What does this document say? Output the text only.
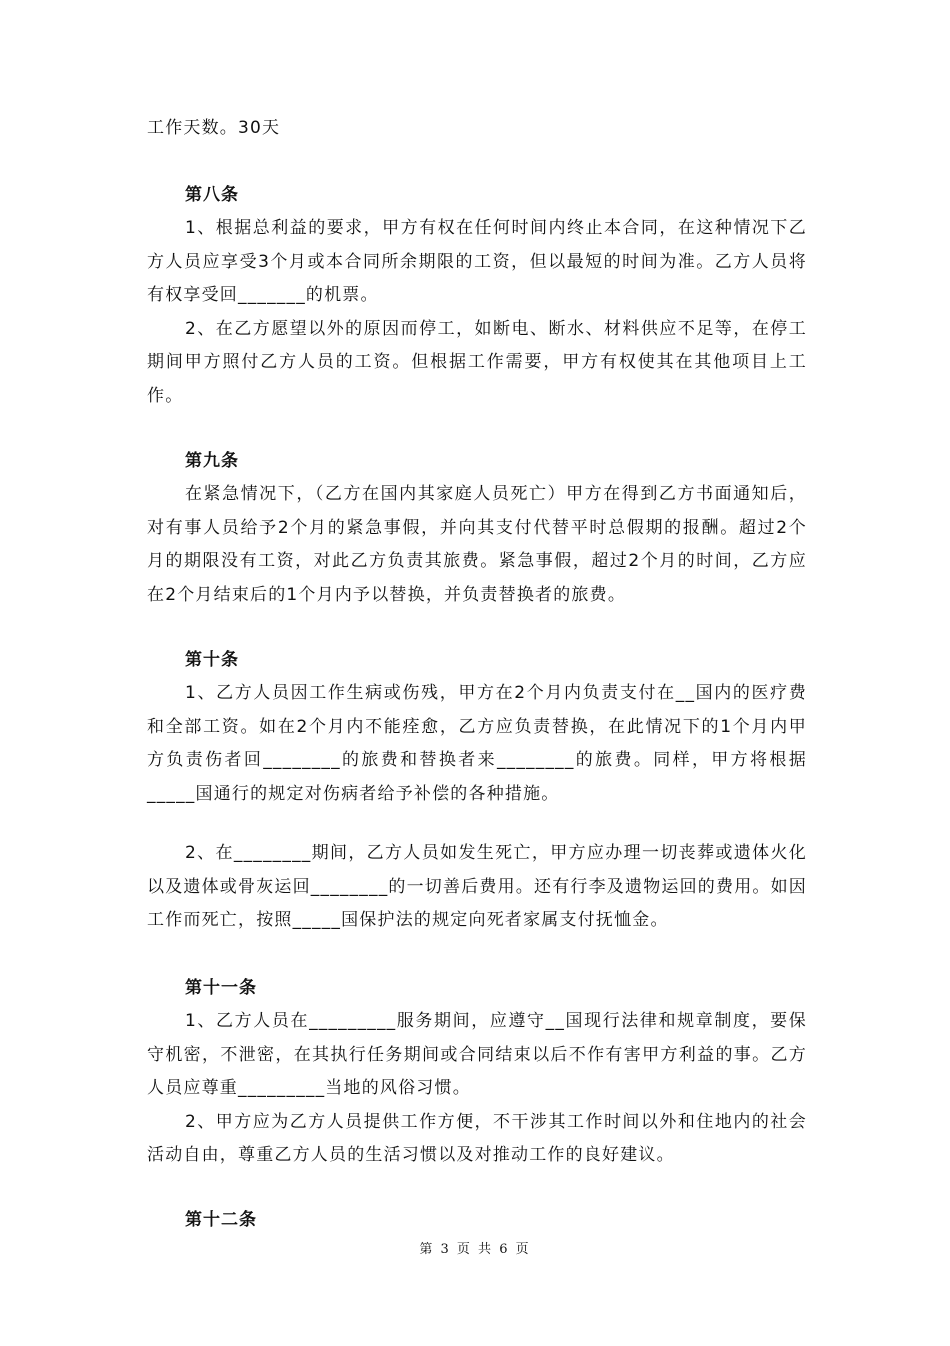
工作天数。30天

第八条

1、根据总利益的要求，甲方有权在任何时间内终止本合同，在这种情况下乙方人员应享受3个月或本合同所余期限的工资，但以最短的时间为准。乙方人员将有权享受回_______的机票。

2、在乙方愿望以外的原因而停工，如断电、断水、材料供应不足等，在停工期间甲方照付乙方人员的工资。但根据工作需要，甲方有权使其在其他项目上工作。

第九条

在紧急情况下，（乙方在国内其家庭人员死亡）甲方在得到乙方书面通知后，对有事人员给予2个月的紧急事假，并向其支付代替平时总假期的报酬。超过2个月的期限没有工资，对此乙方负责其旅费。紧急事假，超过2个月的时间，乙方应在2个月结束后的1个月内予以替换，并负责替换者的旅费。

第十条

1、乙方人员因工作生病或伤残，甲方在2个月内负责支付在__国内的医疗费和全部工资。如在2个月内不能痊愈，乙方应负责替换，在此情况下的1个月内甲方负责伤者回________的旅费和替换者来________的旅费。同样，甲方将根据_____国通行的规定对伤病者给予补偿的各种措施。

2、在________期间，乙方人员如发生死亡，甲方应办理一切丧葬或遗体火化以及遗体或骨灰运回________的一切善后费用。还有行李及遗物运回的费用。如因工作而死亡，按照_____国保护法的规定向死者家属支付抚恤金。

第十一条

1、乙方人员在_________服务期间，应遵守__国现行法律和规章制度，要保守机密，不泄密，在其执行任务期间或合同结束以后不作有害甲方利益的事。乙方人员应尊重_________当地的风俗习惯。

2、甲方应为乙方人员提供工作方便，不干涉其工作时间以外和住地内的社会活动自由，尊重乙方人员的生活习惯以及对推动工作的良好建议。

第十二条
第 3 页 共 6 页
